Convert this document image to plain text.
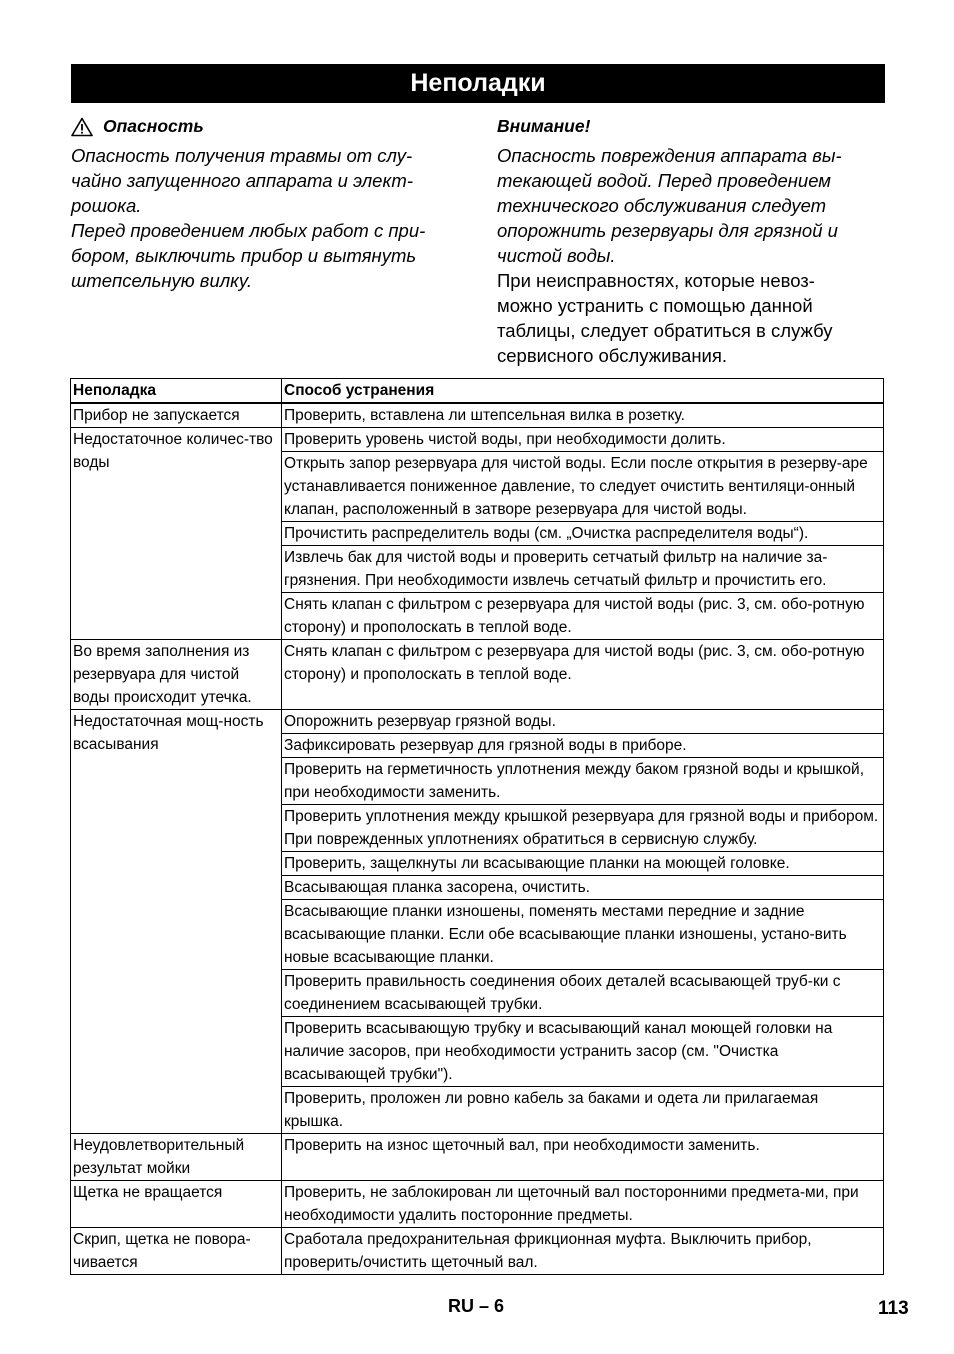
Неполадки
Опасность
Опасность получения травмы от слу-
чайно запущенного аппарата и элект-
рошока.
Перед проведением любых работ с при-
бором, выключить прибор и вытянуть
штепсельную вилку.
Внимание!
Опасность повреждения аппарата вы-
текающей водой. Перед проведением
технического обслуживания следует
опорожнить резервуары для грязной и
чистой воды.
При неисправностях, которые невоз-
можно устранить с помощью данной
таблицы, следует обратиться в службу
сервисного обслуживания.
Неполадка	Способ устранения
Прибор не запускается	Проверить, вставлена ли штепсельная вилка в розетку.
Недостаточное количес-тво воды	Проверить уровень чистой воды, при необходимости долить.
	Открыть запор резервуара для чистой воды. Если после открытия в резерву-аре устанавливается пониженное давление, то следует очистить вентиляци-онный клапан, расположенный в затворе резервуара для чистой воды.
	Прочистить распределитель воды (см. „Очистка распределителя воды“).
	Извлечь бак для чистой воды и проверить сетчатый фильтр на наличие за-грязнения. При необходимости извлечь сетчатый фильтр и прочистить его.
	Снять клапан с фильтром с резервуара для чистой воды (рис. 3, см. обо-ротную сторону) и прополоскать в теплой воде.
Во время заполнения из резервуара для чистой воды происходит утечка.	Снять клапан с фильтром с резервуара для чистой воды (рис. 3, см. обо-ротную сторону) и прополоскать в теплой воде.
Недостаточная мощ-ность всасывания	Опорожнить резервуар грязной воды.
	Зафиксировать резервуар для грязной воды в приборе.
	Проверить на герметичность уплотнения между баком грязной воды и крышкой, при необходимости заменить.
	Проверить уплотнения между крышкой резервуара для грязной воды и прибором. При поврежденных уплотнениях обратиться в сервисную службу.
	Проверить, защелкнуты ли всасывающие планки на моющей головке.
	Всасывающая планка засорена, очистить.
	Всасывающие планки изношены, поменять местами передние и задние всасывающие планки. Если обе всасывающие планки изношены, устано-вить новые всасывающие планки.
	Проверить правильность соединения обоих деталей всасывающей труб-ки с соединением всасывающей трубки.
	Проверить всасывающую трубку и всасывающий канал моющей головки на наличие засоров, при необходимости устранить засор (см. "Очистка всасывающей трубки").
	Проверить, проложен ли ровно кабель за баками и одета ли прилагаемая крышка.
Неудовлетворительный результат мойки	Проверить на износ щеточный вал, при необходимости заменить.
Щетка не вращается	Проверить, не заблокирован ли щеточный вал посторонними предмета-ми, при необходимости удалить посторонние предметы.
Скрип, щетка не повора-чивается	Сработала предохранительная фрикционная муфта. Выключить прибор, проверить/очистить щеточный вал.
RU – 6	113
